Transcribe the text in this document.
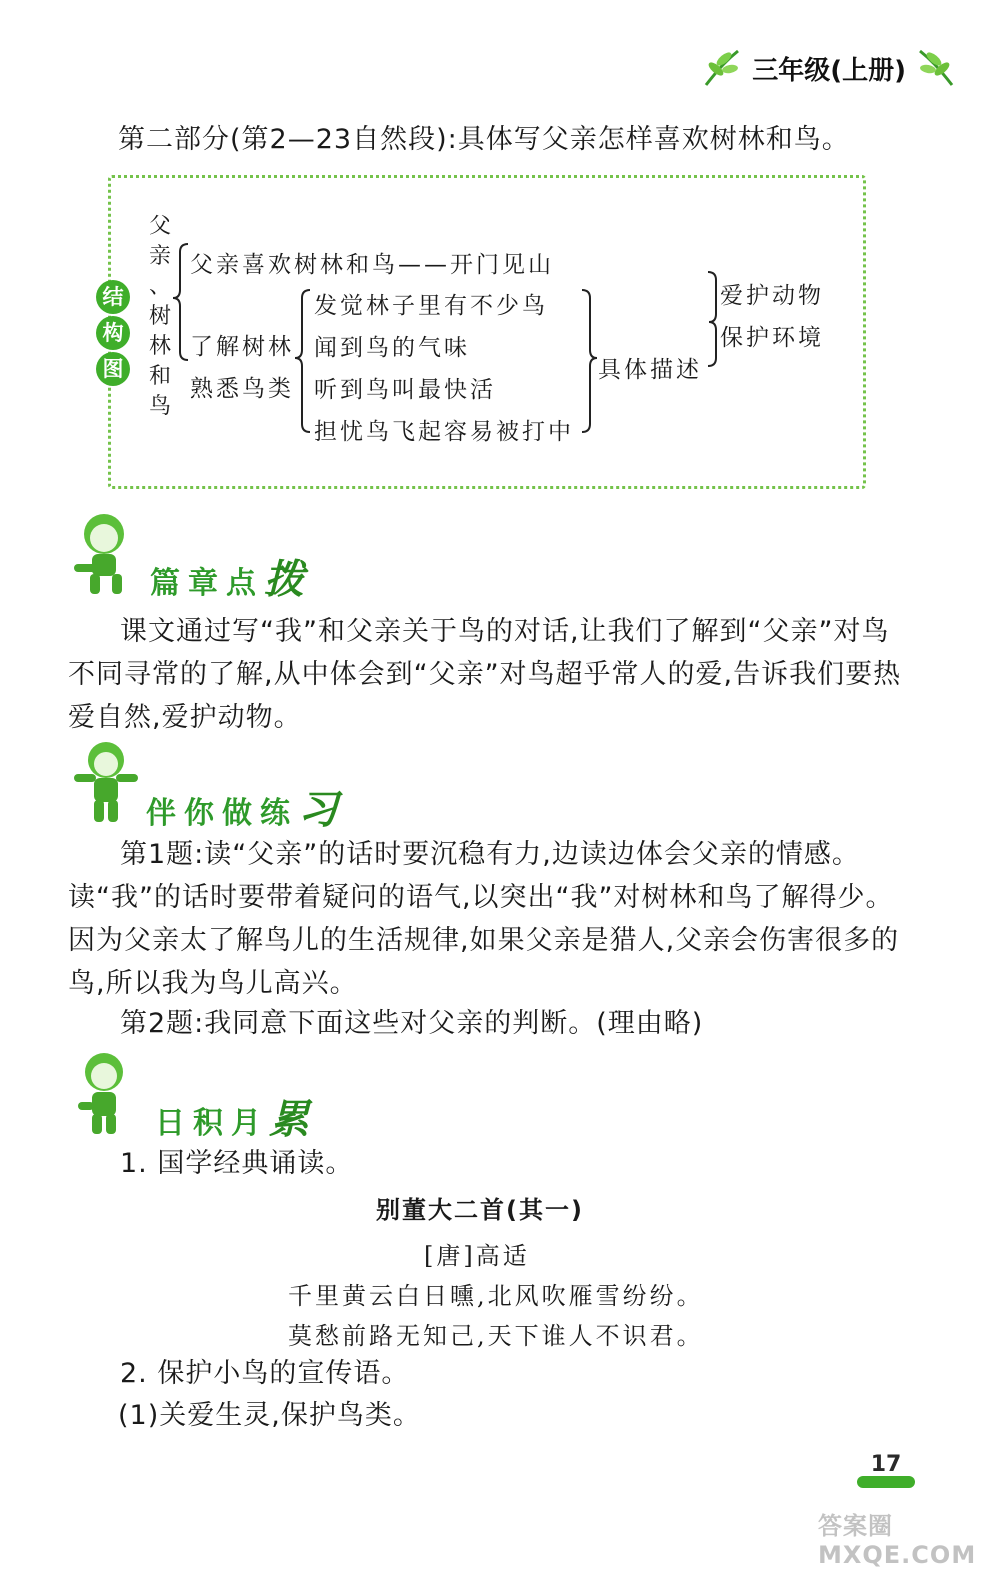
三年级(上册)
第二部分(第2—23自然段):具体写父亲怎样喜欢树林和鸟。
结
构
图
父
亲
、
树
林
和
鸟
父亲喜欢树林和鸟——开门见山
了解树林
熟悉鸟类
发觉林子里有不少鸟
闻到鸟的气味
听到鸟叫最快活
担忧鸟飞起容易被打中
具体描述
爱护动物
保护环境
篇章点拨
课文通过写“我”和父亲关于鸟的对话,让我们了解到“父亲”对鸟不同寻常的了解,从中体会到“父亲”对鸟超乎常人的爱,告诉我们要热爱自然,爱护动物。
伴你做练习
第1题:读“父亲”的话时要沉稳有力,边读边体会父亲的情感。读“我”的话时要带着疑问的语气,以突出“我”对树林和鸟了解得少。因为父亲太了解鸟儿的生活规律,如果父亲是猎人,父亲会伤害很多的鸟,所以我为鸟儿高兴。
第2题:我同意下面这些对父亲的判断。(理由略)
日积月累
1. 国学经典诵读。
别董大二首(其一)
[唐]高适
千里黄云白日曛,北风吹雁雪纷纷。
莫愁前路无知己,天下谁人不识君。
2. 保护小鸟的宣传语。
(1)关爱生灵,保护鸟类。
17
答案圈 MXQE.COM
